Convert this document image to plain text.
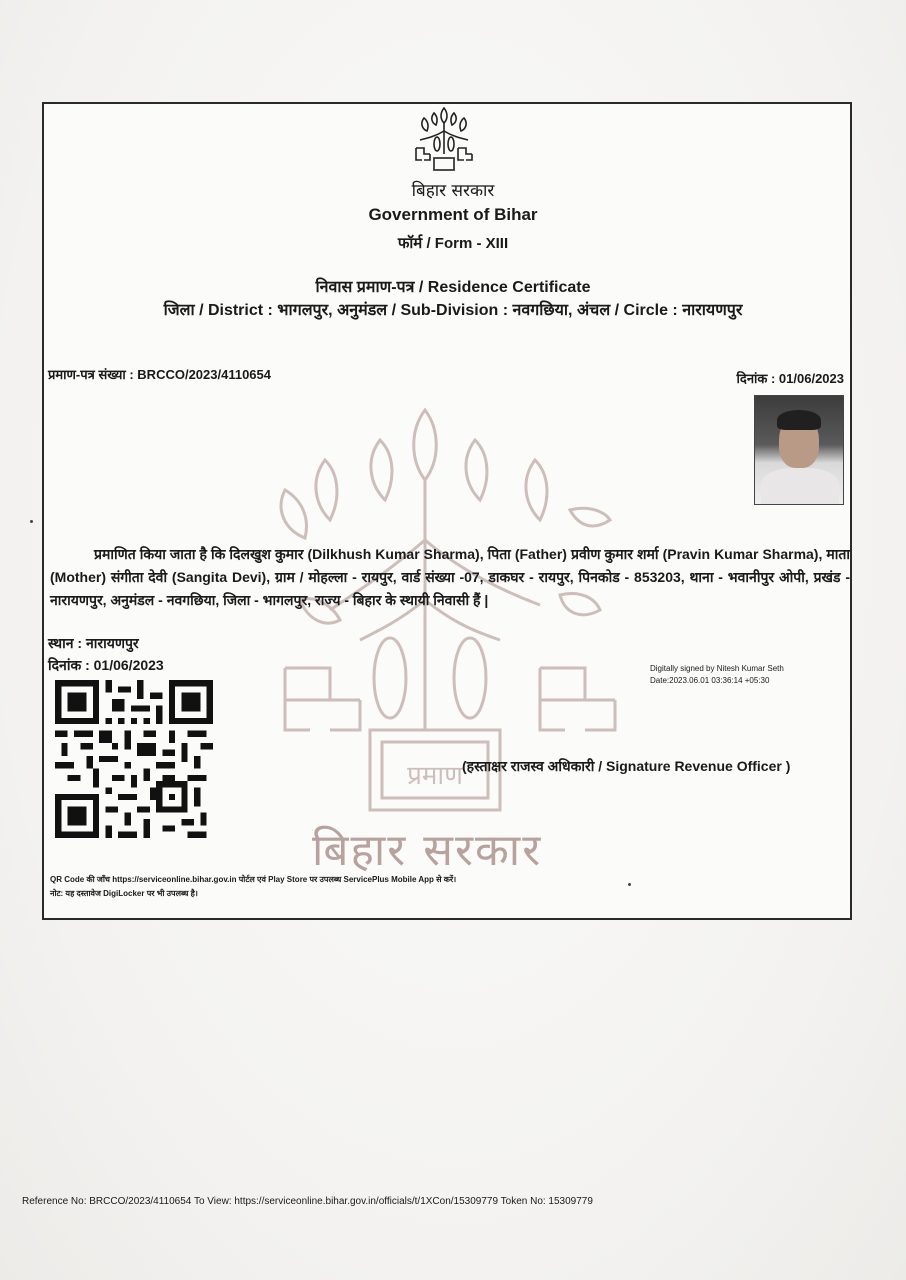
प्रमाण
बिहार सरकार
बिहार सरकार
Government of Bihar
फॉर्म / Form - XIII
निवास प्रमाण-पत्र / Residence Certificate
जिला / District : भागलपुर, अनुमंडल / Sub-Division : नवगछिया, अंचल / Circle : नारायणपुर
प्रमाण-पत्र संख्या : BRCCO/2023/4110654	दिनांक : 01/06/2023
प्रमाणित किया जाता है कि दिलखुश कुमार (Dilkhush Kumar Sharma), पिता (Father) प्रवीण कुमार शर्मा (Pravin Kumar Sharma), माता (Mother) संगीता देवी (Sangita Devi), ग्राम / मोहल्ला - रायपुर, वार्ड संख्या -07, डाकघर - रायपुर, पिनकोड - 853203, थाना - भवानीपुर ओपी, प्रखंड - नारायणपुर, अनुमंडल - नवगछिया, जिला - भागलपुर, राज्य - बिहार के स्थायी निवासी हैं |
स्थान : नारायणपुर
दिनांक : 01/06/2023	Digitally signed by Nitesh Kumar Seth
Date:2023.06.01 03:36:14 +05:30
(हस्ताक्षर राजस्व अधिकारी / Signature Revenue Officer )
QR Code की जाँच https://serviceonline.bihar.gov.in पोर्टल एवं Play Store पर उपलब्ध ServicePlus Mobile App से करें।
नोट: यह दस्तावेज DigiLocker पर भी उपलब्ध है।
Reference No: BRCCO/2023/4110654 To View: https://serviceonline.bihar.gov.in/officials/t/1XCon/15309779 Token No: 15309779
